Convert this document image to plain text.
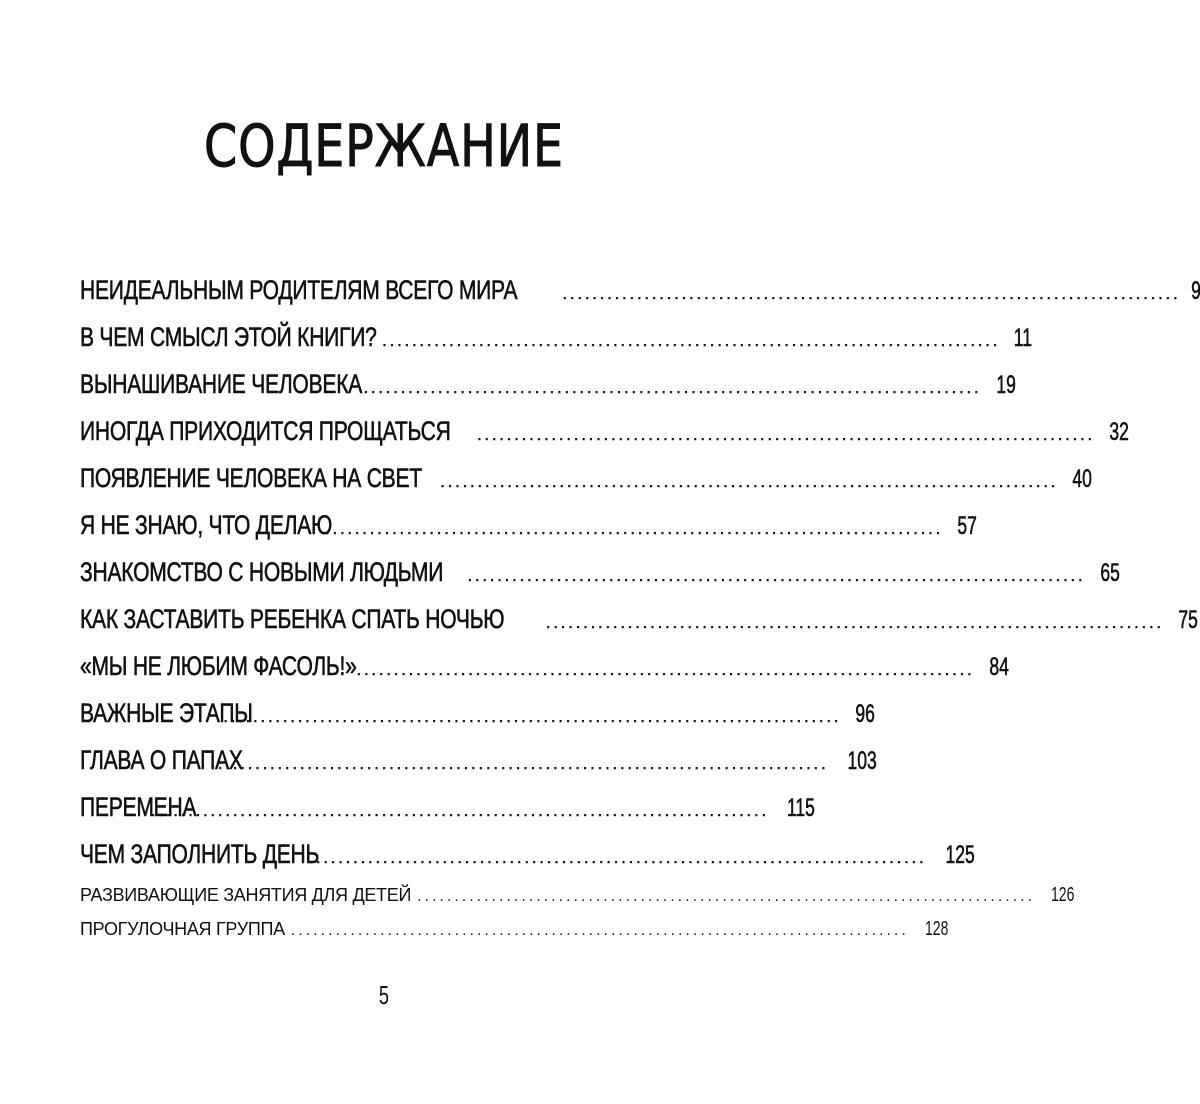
СОДЕРЖАНИЕ
НЕИДЕАЛЬНЫМ РОДИТЕЛЯМ ВСЕГО МИРА	................................................................................... 9
В ЧЕМ СМЫСЛ ЭТОЙ КНИГИ? ................................................................................... 11
ВЫНАШИВАНИЕ ЧЕЛОВЕКА ................................................................................... 19
ИНОГДА ПРИХОДИТСЯ ПРОЩАТЬСЯ ................................................................................... 32
ПОЯВЛЕНИЕ ЧЕЛОВЕКА НА СВЕТ ................................................................................... 40
Я НЕ ЗНАЮ, ЧТО ДЕЛАЮ
................................................................................... 57
ЗНАКОМСТВО С НОВЫМИ ЛЮДЬМИ ................................................................................... 65
КАК ЗАСТАВИТЬ РЕБЕНКА СПАТЬ НОЧЬЮ	................................................................................... 75
«МЫ НЕ ЛЮБИМ ФАСОЛЬ!» ................................................................................... 84
ВАЖНЫЕ ЭТАПЫ
................................................................................... 96
ГЛАВА О ПАПАХ
................................................................................... 103
ПЕРЕМЕНА
................................................................................... 115
ЧЕМ ЗАПОЛНИТЬ ДЕНЬ
................................................................................... 125
РАЗВИВАЮЩИЕ ЗАНЯТИЯ ДЛЯ ДЕТЕЙ ................................................................................... 126
ПРОГУЛОЧНАЯ ГРУППА ................................................................................... 128
5
